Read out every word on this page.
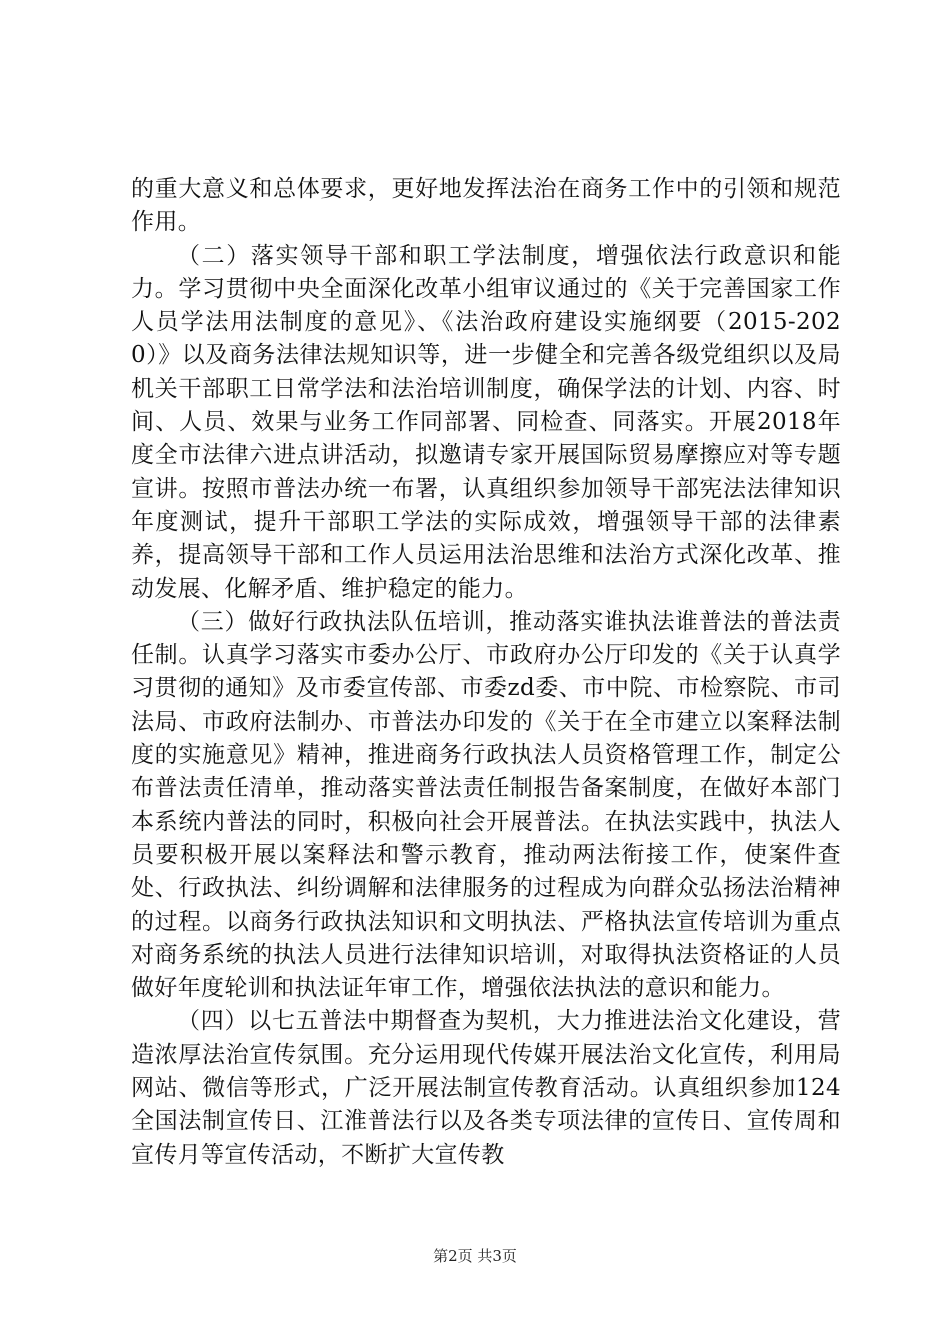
的重大意义和总体要求，更好地发挥法治在商务工作中的引领和规范作用。

（二）落实领导干部和职工学法制度，增强依法行政意识和能力。学习贯彻中央全面深化改革小组审议通过的《关于完善国家工作人员学法用法制度的意见》、《法治政府建设实施纲要（2015-2020）》以及商务法律法规知识等，进一步健全和完善各级党组织以及局机关干部职工日常学法和法治培训制度，确保学法的计划、内容、时间、人员、效果与业务工作同部署、同检查、同落实。开展2018年度全市法律六进点讲活动，拟邀请专家开展国际贸易摩擦应对等专题宣讲。按照市普法办统一布署，认真组织参加领导干部宪法法律知识年度测试，提升干部职工学法的实际成效，增强领导干部的法律素养，提高领导干部和工作人员运用法治思维和法治方式深化改革、推动发展、化解矛盾、维护稳定的能力。

（三）做好行政执法队伍培训，推动落实谁执法谁普法的普法责任制。认真学习落实市委办公厅、市政府办公厅印发的《关于认真学习贯彻的通知》及市委宣传部、市委zd委、市中院、市检察院、市司法局、市政府法制办、市普法办印发的《关于在全市建立以案释法制度的实施意见》精神，推进商务行政执法人员资格管理工作，制定公布普法责任清单，推动落实普法责任制报告备案制度，在做好本部门本系统内普法的同时，积极向社会开展普法。在执法实践中，执法人员要积极开展以案释法和警示教育，推动两法衔接工作，使案件查处、行政执法、纠纷调解和法律服务的过程成为向群众弘扬法治精神的过程。以商务行政执法知识和文明执法、严格执法宣传培训为重点对商务系统的执法人员进行法律知识培训，对取得执法资格证的人员做好年度轮训和执法证年审工作，增强依法执法的意识和能力。

（四）以七五普法中期督查为契机，大力推进法治文化建设，营造浓厚法治宣传氛围。充分运用现代传媒开展法治文化宣传，利用局网站、微信等形式，广泛开展法制宣传教育活动。认真组织参加124全国法制宣传日、江淮普法行以及各类专项法律的宣传日、宣传周和宣传月等宣传活动，不断扩大宣传教

第2页 共3页
